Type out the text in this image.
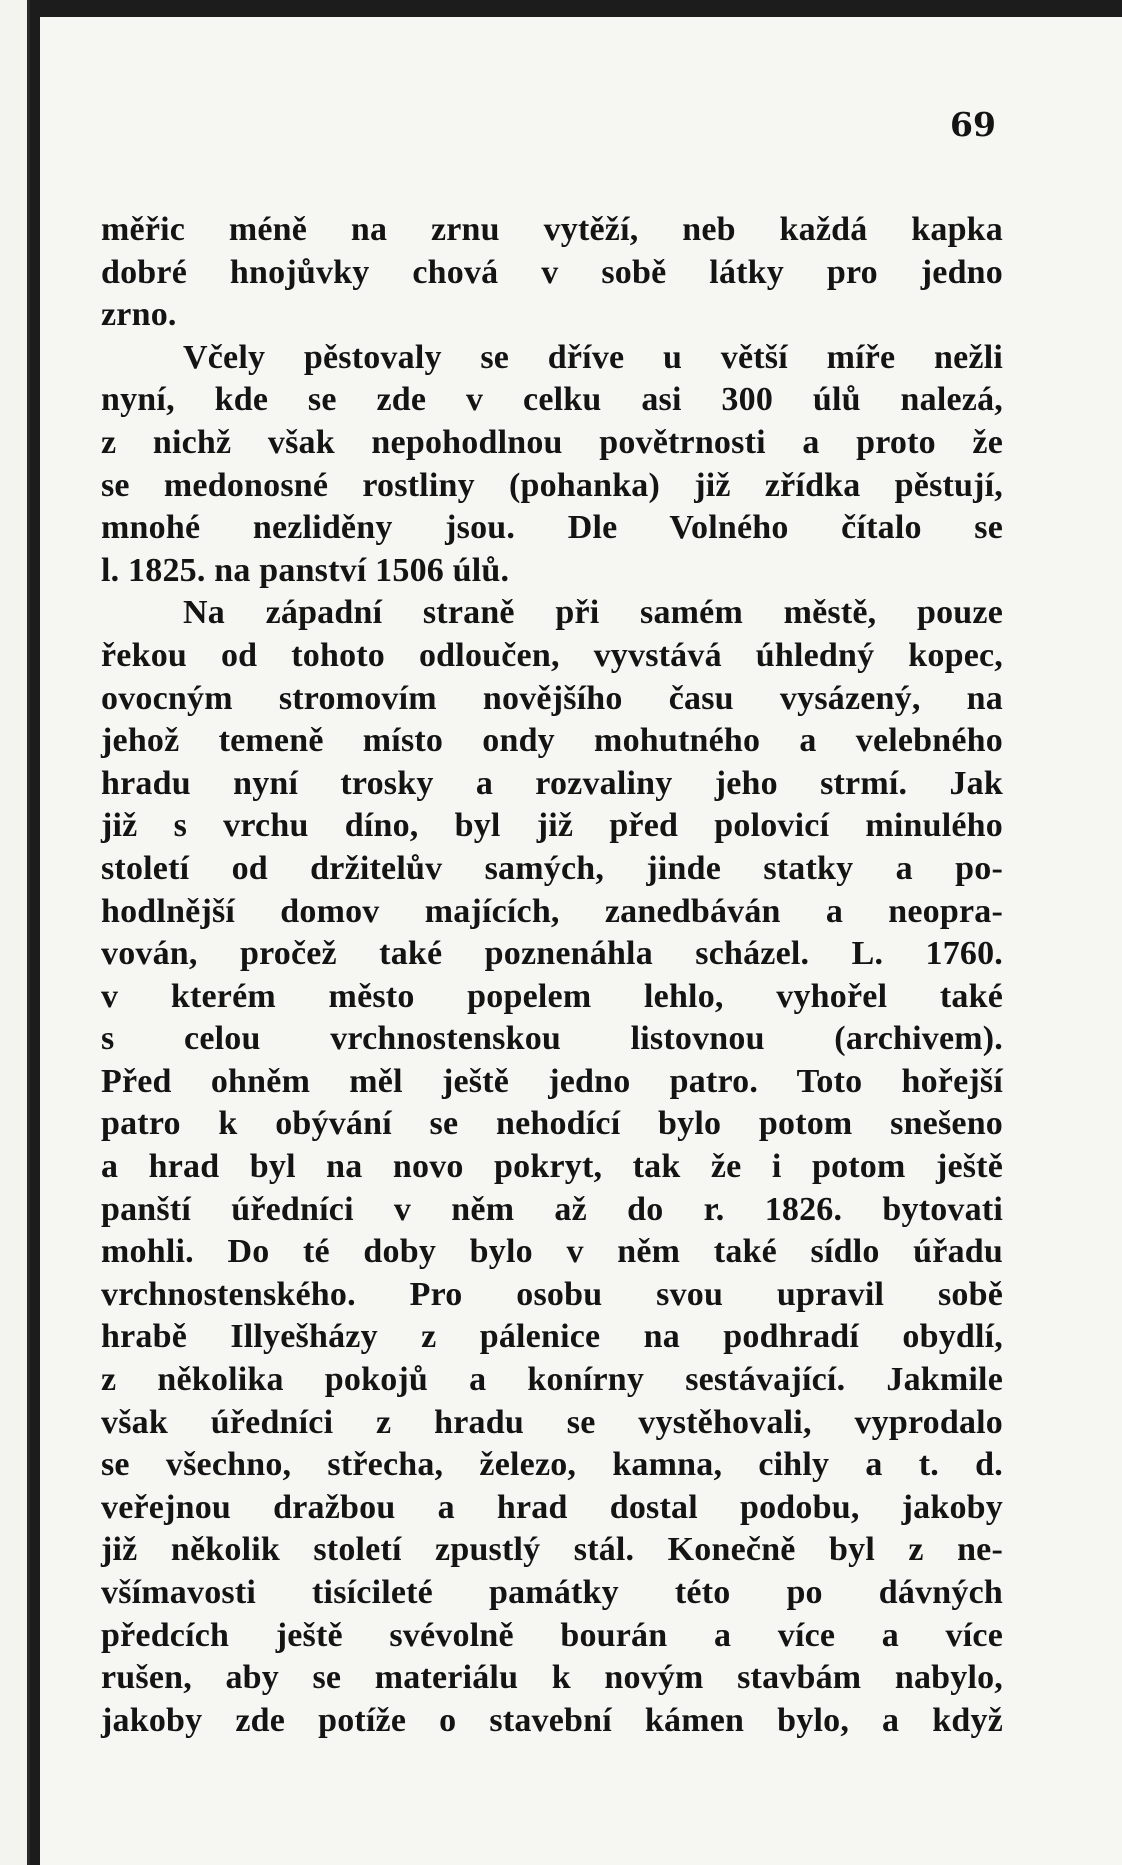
69
měřic méně na zrnu vytěží, neb každá kapka
dobré hnojůvky chová v sobě látky pro jedno
zrno.
Včely pěstovaly se dříve u větší míře nežli
nyní, kde se zde v celku asi 300 úlů nalezá,
z nichž však nepohodlnou povětrnosti a proto že
se medonosné rostliny (pohanka) již zřídka pěstují,
mnohé nezliděny jsou. Dle Volného čítalo se
l. 1825. na panství 1506 úlů.
Na západní straně při samém městě, pouze
řekou od tohoto odloučen, vyvstává úhledný kopec,
ovocným stromovím novějšího času vysázený, na
jehož temeně místo ondy mohutného a velebného
hradu nyní trosky a rozvaliny jeho strmí. Jak
již s vrchu díno, byl již před polovicí minulého
století od držitelův samých, jinde statky a po-
hodlnější domov majících, zanedbáván a neopra-
vován, pročež také poznenáhla scházel. L. 1760.
v kterém město popelem lehlo, vyhořel také
s celou vrchnostenskou listovnou (archivem).
Před ohněm měl ještě jedno patro. Toto hořejší
patro k obývání se nehodící bylo potom snešeno
a hrad byl na novo pokryt, tak že i potom ještě
panští úředníci v něm až do r. 1826. bytovati
mohli. Do té doby bylo v něm také sídlo úřadu
vrchnostenského. Pro osobu svou upravil sobě
hrabě Illyešházy z pálenice na podhradí obydlí,
z několika pokojů a konírny sestávající. Jakmile
však úředníci z hradu se vystěhovali, vyprodalo
se všechno, střecha, železo, kamna, cihly a t. d.
veřejnou dražbou a hrad dostal podobu, jakoby
již několik století zpustlý stál. Konečně byl z ne-
všímavosti tisícileté památky této po dávných
předcích ještě svévolně bourán a více a více
rušen, aby se materiálu k novým stavbám nabylo,
jakoby zde potíže o stavební kámen bylo, a když
